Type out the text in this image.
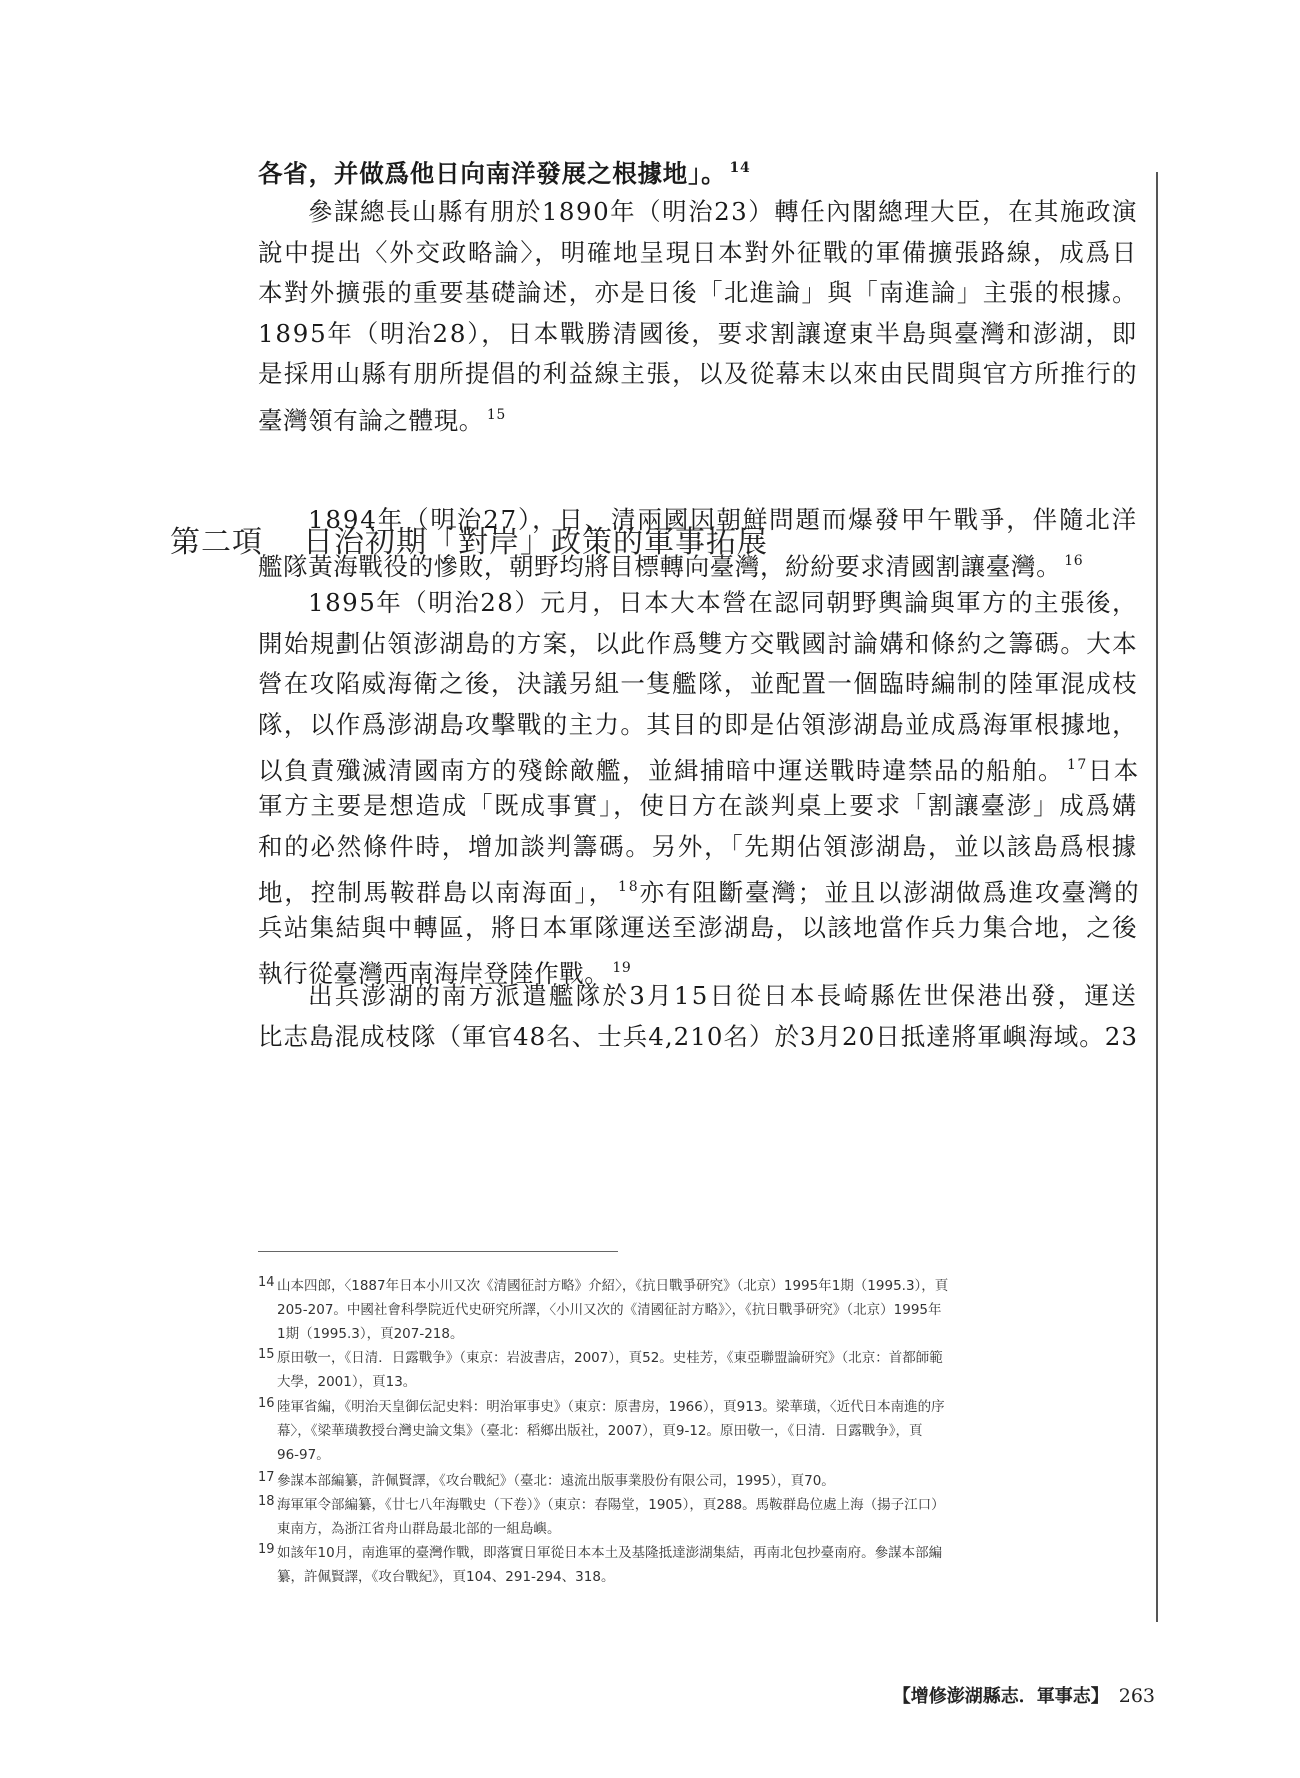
各省，并做爲他日向南洋發展之根據地」。 $^{14}$
參謀總長山縣有朋於1890年（明治23）轉任內閣總理大臣，在其施政演
說中提出〈外交政略論〉，明確地呈現日本對外征戰的軍備擴張路線，成爲日
本對外擴張的重要基礎論述，亦是日後「北進論」與「南進論」主張的根據。
1895年（明治28），日本戰勝清國後，要求割讓遼東半島與臺灣和澎湖，即
是採用山縣有朋所提倡的利益線主張，以及從幕末以來由民間與官方所推行的
臺灣領有論之體現。 $^{15}$
1894年（明治27），日、清兩國因朝鮮問題而爆發甲午戰爭，伴隨北洋
艦隊黃海戰役的慘敗，朝野均將目標轉向臺灣，紛紛要求清國割讓臺灣。 $^{16}$
1895年（明治28）元月，日本大本營在認同朝野輿論與軍方的主張後，
開始規劃佔領澎湖島的方案，以此作爲雙方交戰國討論媾和條約之籌碼。大本
營在攻陷威海衛之後，決議另組一隻艦隊，並配置一個臨時編制的陸軍混成枝
隊，以作爲澎湖島攻擊戰的主力。其目的即是佔領澎湖島並成爲海軍根據地，
以負責殲滅清國南方的殘餘敵艦，並緝捕暗中運送戰時違禁品的船舶。 $^{17}$日本
軍方主要是想造成「既成事實」，使日方在談判桌上要求「割讓臺澎」成爲媾
和的必然條件時，增加談判籌碼。另外，「先期佔領澎湖島，並以該島爲根據
地，控制馬鞍群島以南海面」， $^{18}$亦有阻斷臺灣；並且以澎湖做爲進攻臺灣的
兵站集結與中轉區，將日本軍隊運送至澎湖島，以該地當作兵力集合地，之後
執行從臺灣西南海岸登陸作戰。 $^{19}$
出兵澎湖的南方派遣艦隊於3月15日從日本長崎縣佐世保港出發，運送
比志島混成枝隊（軍官48名、士兵4,210名）於3月20日抵達將軍嶼海域。23
第二項 日治初期「對岸」政策的軍事拓展
14 山本四郎，〈1887年日本小川又次《清國征討方略》介紹〉，《抗日戰爭研究》（北京）1995年1期（1995.3），頁
205-207。中國社會科學院近代史研究所譯，〈小川又次的《清國征討方略》〉，《抗日戰爭研究》（北京）1995年
1期（1995.3），頁207-218。
15 原田敬一，《日清．日露戰争》（東京：岩波書店，2007），頁52。史桂芳，《東亞聯盟論研究》（北京：首都師範
大學，2001），頁13。
16 陸軍省編，《明治天皇御伝記史料：明治軍事史》（東京：原書房，1966），頁913。梁華璜，〈近代日本南進的序
幕〉，《梁華璜教授台灣史論文集》（臺北：稻鄉出版社，2007），頁9-12。原田敬一，《日清．日露戰争》，頁
96-97。
17 參謀本部編纂，許佩賢譯，《攻台戰紀》（臺北：遠流出版事業股份有限公司，1995），頁70。
18 海軍軍令部編纂，《廿七八年海戰史（下卷）》（東京：春陽堂，1905），頁288。馬鞍群島位處上海（揚子江口）
東南方，為浙江省舟山群島最北部的一組島嶼。
19 如該年10月，南進軍的臺灣作戰，即落實日軍從日本本土及基隆抵達澎湖集結，再南北包抄臺南府。參謀本部編
纂，許佩賢譯，《攻台戰紀》，頁104、291-294、318。
【增修澎湖縣志．軍事志】 263
